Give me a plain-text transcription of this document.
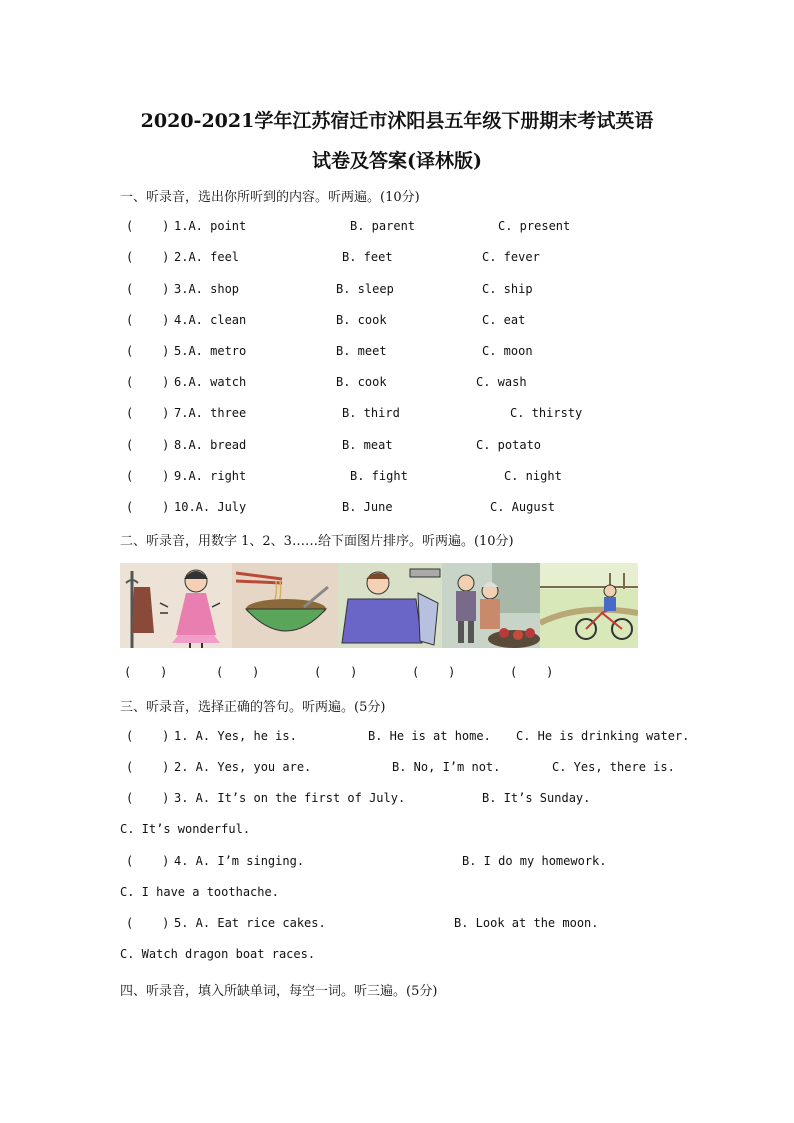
2020-2021学年江苏宿迁市沭阳县五年级下册期末考试英语
试卷及答案(译林版)
一、听录音，选出你所听到的内容。听两遍。(10分)
(    ) 1.A. point	B. parent	C. present
(    ) 2.A. feel	B. feet	C. fever
(    ) 3.A. shop	B. sleep	C. ship
(    ) 4.A. clean	B. cook	C. eat
(    ) 5.A. metro	B. meet	C. moon
(    ) 6.A. watch	B. cook	C. wash
(    ) 7.A. three	B. third	C. thirsty
(    ) 8.A. bread	B. meat	C. potato
(    ) 9.A. right	B. fight	C. night
(    ) 10.A. July	B. June	C. August
二、听录音，用数字 1、2、3……给下面图片排序。听两遍。(10分)
(    )	(    )	(    )	(    )	(    )
三、听录音，选择正确的答句。听两遍。(5分)
(    ) 1. A. Yes, he is.	B. He is at home. C. He is drinking water.
(    ) 2. A. Yes, you are.	B. No, I’m not.	C. Yes, there is.
(    ) 3. A. It’s on the first of July.	B. It’s Sunday.
C. It’s wonderful.
(    ) 4. A. I’m singing.	B. I do my homework.
C. I have a toothache.
(    ) 5. A. Eat rice cakes.	B. Look at the moon.
C. Watch dragon boat races.
四、听录音，填入所缺单词，每空一词。听三遍。(5分)
